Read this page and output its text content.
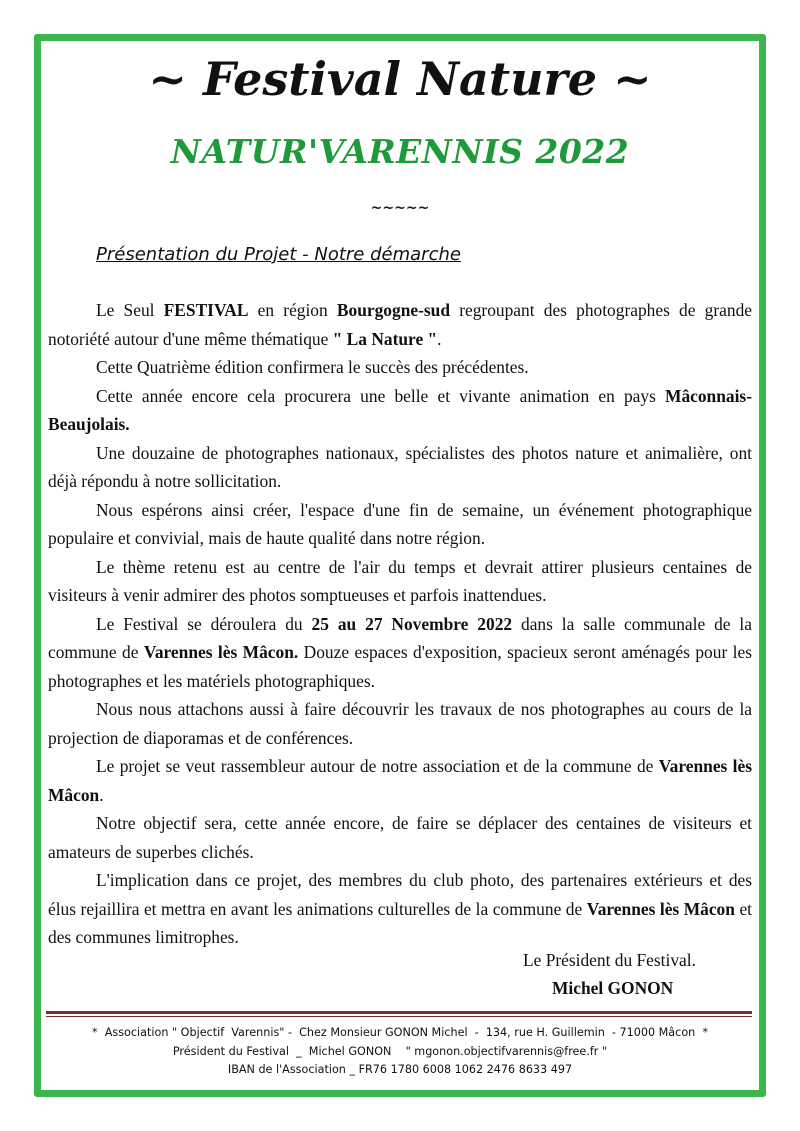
~ Festival Nature ~
NATUR'VARENNIS 2022
~~~~~
Présentation du Projet - Notre démarche

Le Seul FESTIVAL en région Bourgogne-sud regroupant des photographes de grande notoriété autour d'une même thématique " La Nature ".

Cette Quatrième édition confirmera le succès des précédentes.

Cette année encore cela procurera une belle et vivante animation en pays Mâconnais-Beaujolais.

Une douzaine de photographes nationaux, spécialistes des photos nature et animalière, ont déjà répondu à notre sollicitation.

Nous espérons ainsi créer, l'espace d'une fin de semaine, un événement photographique populaire et convivial, mais de haute qualité dans notre région.

Le thème retenu est au centre de l'air du temps et devrait attirer plusieurs centaines de visiteurs à venir admirer des photos somptueuses et parfois inattendues.

Le Festival se déroulera du 25 au 27 Novembre 2022 dans la salle communale de la commune de Varennes lès Mâcon. Douze espaces d'exposition, spacieux seront aménagés pour les photographes et les matériels photographiques.

Nous nous attachons aussi à faire découvrir les travaux de nos photographes au cours de la projection de diaporamas et de conférences.

Le projet se veut rassembleur autour de notre association et de la commune de Varennes lès Mâcon.

Notre objectif sera, cette année encore, de faire se déplacer des centaines de visiteurs et amateurs de superbes clichés.

L'implication dans ce projet, des membres du club photo, des partenaires extérieurs et des élus rejaillira et mettra en avant les animations culturelles de la commune de Varennes lès Mâcon et des communes limitrophes.

Le Président du Festival.
Michel GONON
*  Association " Objectif  Varennis" -  Chez Monsieur GONON Michel  -  134, rue H. Guillemin  - 71000 Mâcon  *
Président du Festival  _  Michel GONON    " mgonon.objectifvarennis@free.fr "
IBAN de l'Association _ FR76 1780 6008 1062 2476 8633 497
